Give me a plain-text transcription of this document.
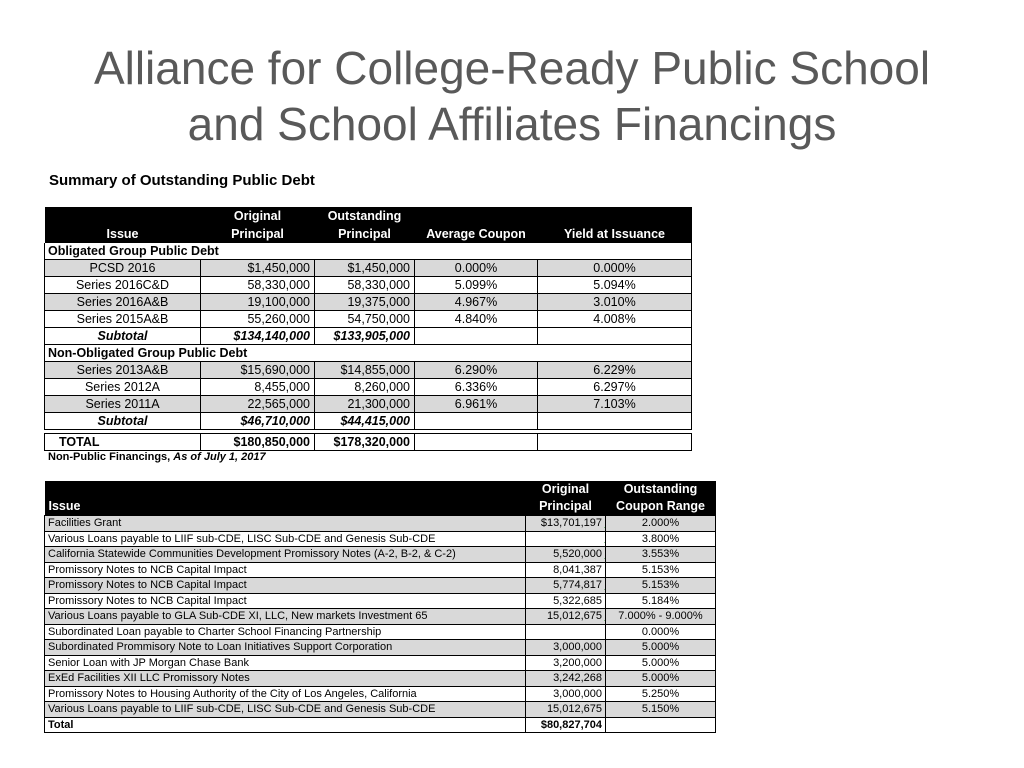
Alliance for College-Ready Public School
and School Affiliates Financings
Summary of Outstanding Public Debt
	Original	Outstanding		
Issue	Principal	Principal	Average Coupon	Yield at Issuance
Obligated Group Public Debt				
PCSD 2016	$1,450,000	$1,450,000	0.000%	0.000%
Series 2016C&D	58,330,000	58,330,000	5.099%	5.094%
Series 2016A&B	19,100,000	19,375,000	4.967%	3.010%
Series 2015A&B	55,260,000	54,750,000	4.840%	4.008%
Subtotal	$134,140,000	$133,905,000		
Non-Obligated Group Public Debt				
Series 2013A&B	$15,690,000	$14,855,000	6.290%	6.229%
Series 2012A	8,455,000	8,260,000	6.336%	6.297%
Series 2011A	22,565,000	21,300,000	6.961%	7.103%
Subtotal	$46,710,000	$44,415,000		

TOTAL	$180,850,000	$178,320,000		
Non-Public Financings, As of July 1, 2017
	Original	Outstanding
Issue	Principal	Coupon Range
Facilities Grant	$13,701,197	2.000%
Various Loans payable to LIIF sub-CDE, LISC Sub-CDE and Genesis Sub-CDE		3.800%
California Statewide Communities Development Promissory Notes (A-2, B-2, & C-2)	5,520,000	3.553%
Promissory Notes to NCB Capital Impact	8,041,387	5.153%
Promissory Notes to NCB Capital Impact	5,774,817	5.153%
Promissory Notes to NCB Capital Impact	5,322,685	5.184%
Various Loans payable to GLA Sub-CDE XI, LLC, New markets Investment 65	15,012,675	7.000% - 9.000%
Subordinated Loan payable to Charter School Financing Partnership		0.000%
Subordinated Prommisory Note to Loan Initiatives Support Corporation	3,000,000	5.000%
Senior Loan with JP Morgan Chase Bank	3,200,000	5.000%
ExEd Facilities XII LLC Promissory Notes	3,242,268	5.000%
Promissory Notes to Housing Authority of the City of Los Angeles, California	3,000,000	5.250%
Various Loans payable to LIIF sub-CDE, LISC Sub-CDE and Genesis Sub-CDE	15,012,675	5.150%
Total	$80,827,704	
